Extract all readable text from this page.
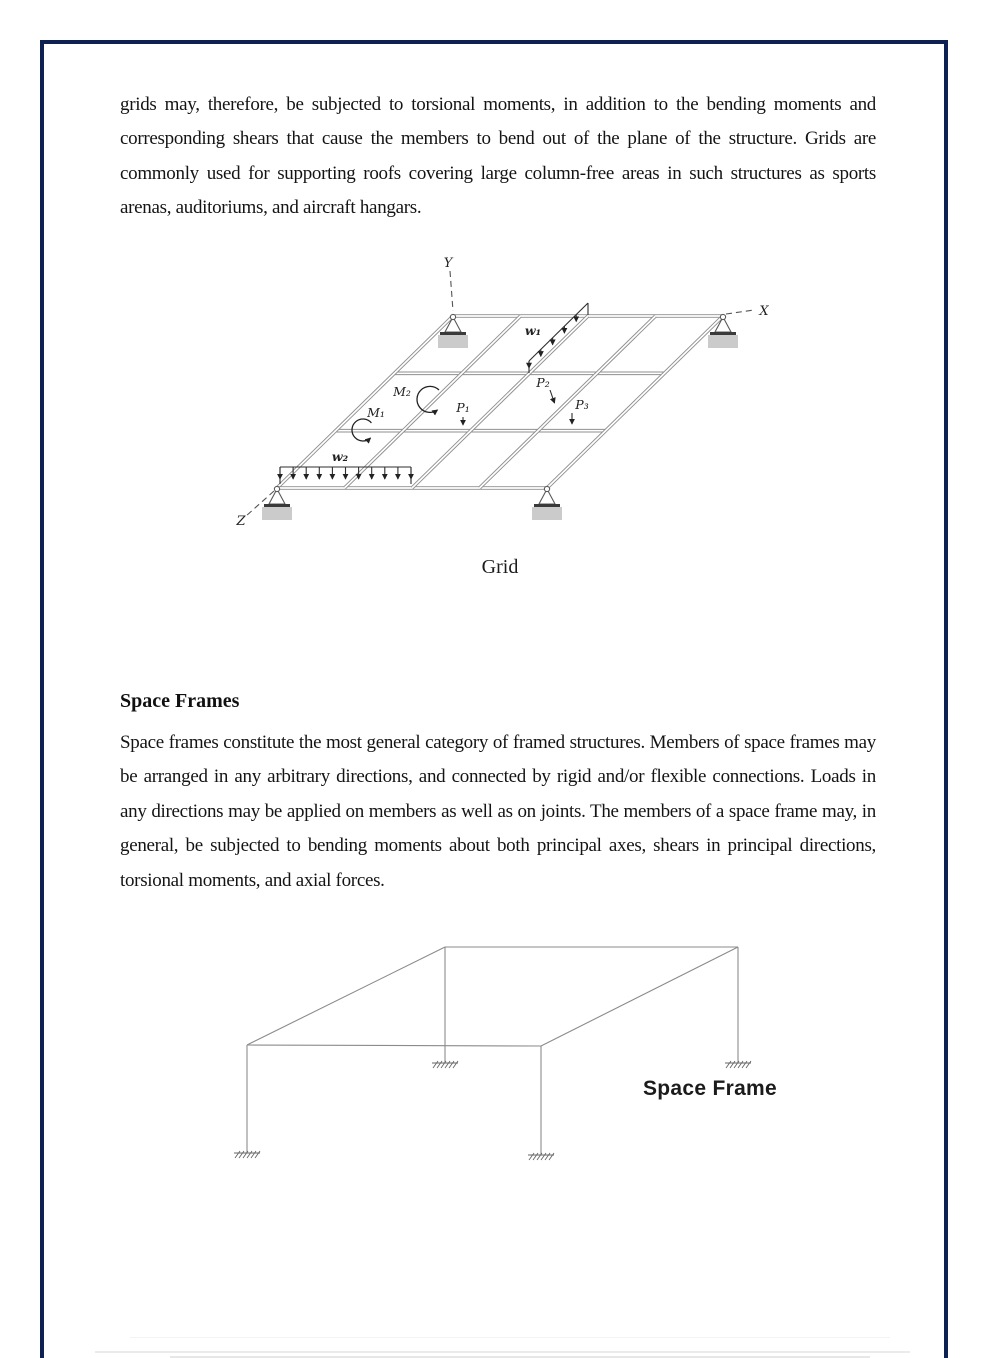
grids may, therefore, be subjected to torsional moments, in addition to the bending moments and corresponding shears that cause the members to bend out of the plane of the structure. Grids are commonly used for supporting roofs covering large column-free areas in such structures as sports arenas, auditoriums, and aircraft hangars.
Y
X
Z
w₁
w₂
M₁
M₂
P₁
P₂
P₃
Grid
Space Frames
Space frames constitute the most general category of framed structures. Members of space frames may be arranged in any arbitrary directions, and connected by rigid and/or flexible connections. Loads in any directions may be applied on members as well as on joints. The members of a space frame may, in general, be subjected to bending moments about both principal axes, shears in principal directions, torsional moments, and axial forces.
Space Frame
